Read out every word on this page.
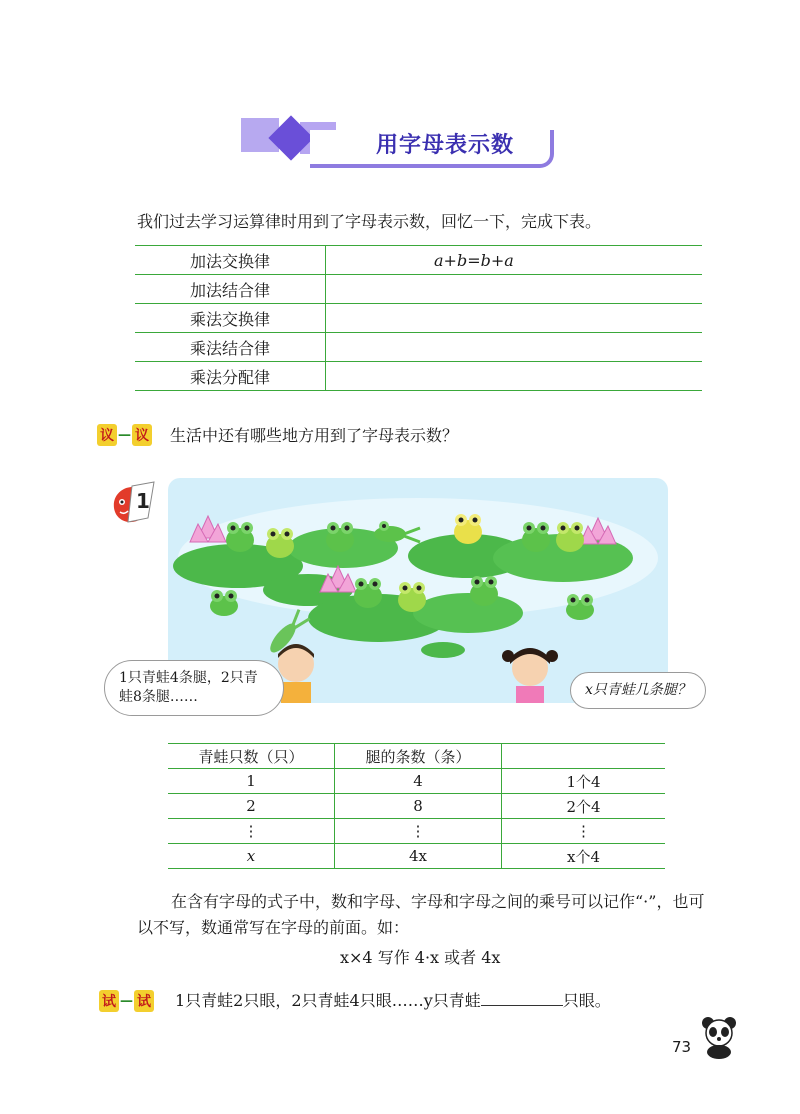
用字母表示数
我们过去学习运算律时用到了字母表示数，回忆一下，完成下表。
加法交换律	a+b=b+a
加法结合律	
乘法交换律	
乘法结合律	
乘法分配律	
议 — 议 生活中还有哪些地方用到了字母表示数？
1
1只青蛙4条腿，2只青蛙8条腿……	x只青蛙几条腿？
青蛙只数（只）	腿的条数（条）	
1	4	1个4
2	8	2个4
⋮	⋮	⋮
x	4x	x个4
在含有字母的式子中，数和字母、字母和字母之间的乘号可以记作“·”，也可以不写，数通常写在字母的前面。如：
x×4 写作 4·x 或者 4x
试 — 试 1只青蛙2只眼，2只青蛙4只眼……y只青蛙	只眼。
73
